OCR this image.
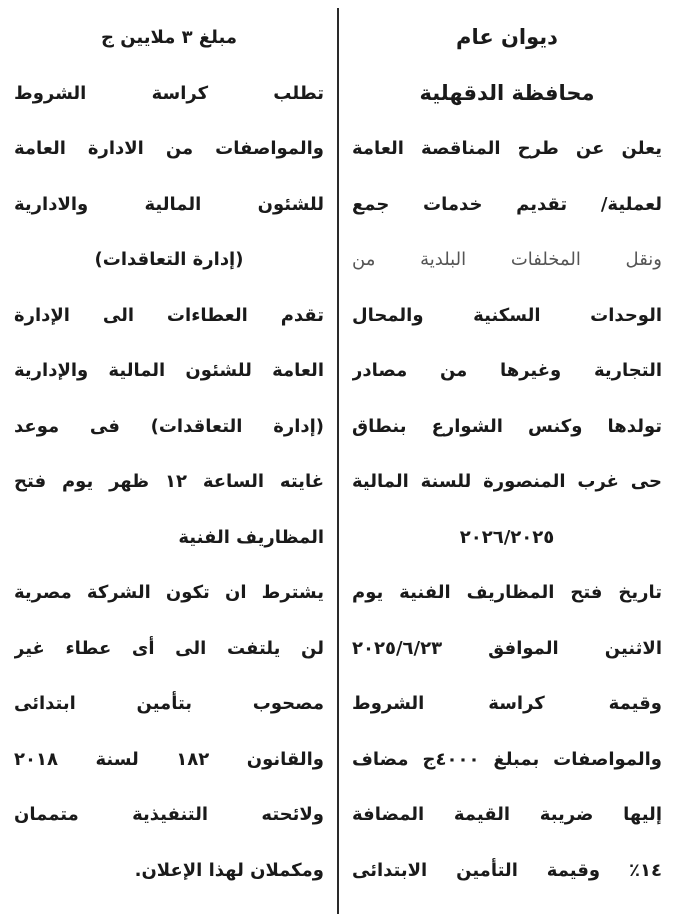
ديوان عام
محافظة الدقهلية
يعلن عن طرح المناقصة العامة
لعملية/ تقديم خدمات جمع
ونقل المخلفات البلدية من
الوحدات السكنية والمحال
التجارية وغيرها من مصادر
تولدها وكنس الشوارع بنطاق
حى غرب المنصورة للسنة المالية
٢٠٢٦/٢٠٢٥
تاريخ فتح المظاريف الفنية يوم
الاثنين الموافق ٢٠٢٥/٦/٢٣
وقيمة كراسة الشروط
والمواصفات بمبلغ ٤٠٠٠ج مضاف
إليها ضريبة القيمة المضافة
١٤٪ وقيمة التأمين الابتدائى
مبلغ ٣ ملايين ج
تطلب كراسة الشروط
والمواصفات من الادارة العامة
للشئون المالية والادارية
(إدارة التعاقدات)
تقدم العطاءات الى الإدارة
العامة للشئون المالية والإدارية
(إدارة التعاقدات) فى موعد
غايته الساعة ١٢ ظهر يوم فتح
المظاريف الفنية
يشترط ان تكون الشركة مصرية
لن يلتفت الى أى عطاء غير
مصحوب بتأمين ابتدائى
والقانون ١٨٢ لسنة ٢٠١٨
ولائحته التنفيذية متممان
ومكملان لهذا الإعلان.
